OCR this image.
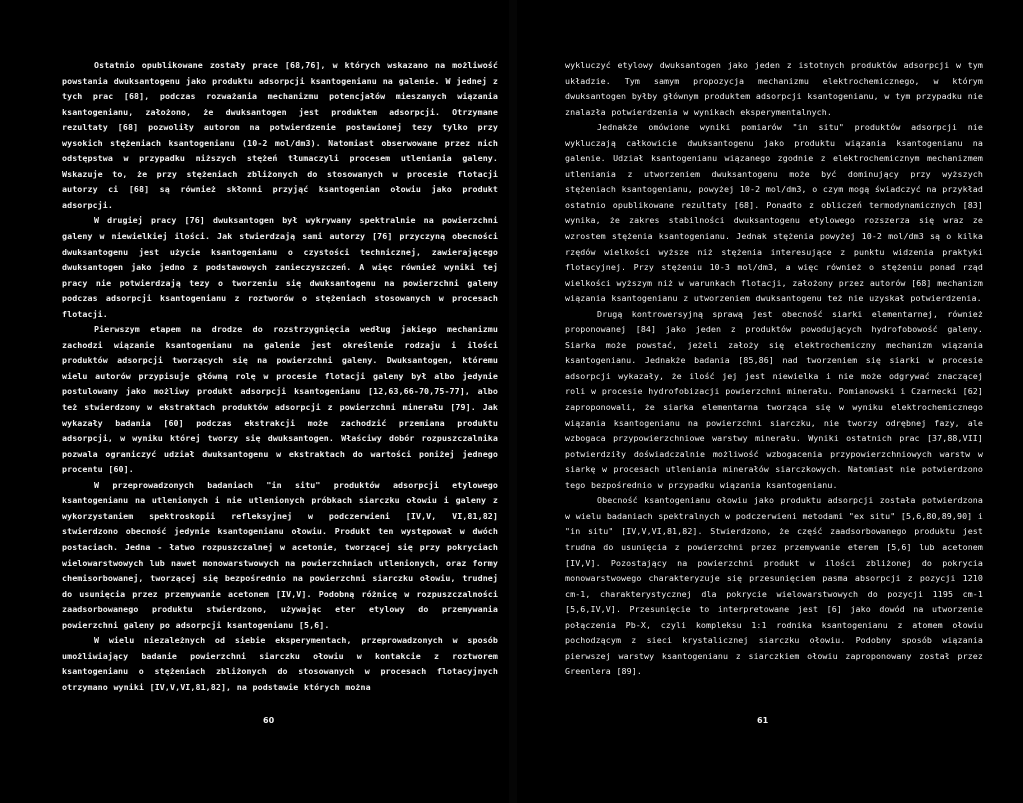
Ostatnio opublikowane zostały prace [68,76], w których wskazano na możliwość powstania dwuksantogenu jako produktu adsorpcji ksantogenianu na galenie. W jednej z tych prac [68], podczas rozważania mechanizmu potencjałów mieszanych wiązania ksantogenianu, założono, że dwuksantogen jest produktem adsorpcji. Otrzymane rezultaty [68] pozwoliły autorom na potwierdzenie postawionej tezy tylko przy wysokich stężeniach ksantogenianu (10-2 mol/dm3). Natomiast obserwowane przez nich odstępstwa w przypadku niższych stężeń tłumaczyli procesem utleniania galeny. Wskazuje to, że przy stężeniach zbliżonych do stosowanych w procesie flotacji autorzy ci [68] są również skłonni przyjąć ksantogenian ołowiu jako produkt adsorpcji.

W drugiej pracy [76] dwuksantogen był wykrywany spektralnie na powierzchni galeny w niewielkiej ilości. Jak stwierdzają sami autorzy [76] przyczyną obecności dwuksantogenu jest użycie ksantogenianu o czystości technicznej, zawierającego dwuksantogen jako jedno z podstawowych zanieczyszczeń. A więc również wyniki tej pracy nie potwierdzają tezy o tworzeniu się dwuksantogenu na powierzchni galeny podczas adsorpcji ksantogenianu z roztworów o stężeniach stosowanych w procesach flotacji.

Pierwszym etapem na drodze do rozstrzygnięcia według jakiego mechanizmu zachodzi wiązanie ksantogenianu na galenie jest określenie rodzaju i ilości produktów adsorpcji tworzących się na powierzchni galeny. Dwuksantogen, któremu wielu autorów przypisuje główną rolę w procesie flotacji galeny był albo jedynie postulowany jako możliwy produkt adsorpcji ksantogenianu [12,63,66-70,75-77], albo też stwierdzony w ekstraktach produktów adsorpcji z powierzchni minerału [79]. Jak wykazały badania [60] podczas ekstrakcji może zachodzić przemiana produktu adsorpcji, w wyniku której tworzy się dwuksantogen. Właściwy dobór rozpuszczalnika pozwala ograniczyć udział dwuksantogenu w ekstraktach do wartości poniżej jednego procentu [60].

W przeprowadzonych badaniach "in situ" produktów adsorpcji etylowego ksantogenianu na utlenionych i nie utlenionych próbkach siarczku ołowiu i galeny z wykorzystaniem spektroskopii refleksyjnej w podczerwieni [IV,V, VI,81,82] stwierdzono obecność jedynie ksantogenianu ołowiu. Produkt ten występował w dwóch postaciach. Jedna - łatwo rozpuszczalnej w acetonie, tworzącej się przy pokryciach wielowarstwowych lub nawet monowarstwowych na powierzchniach utlenionych, oraz formy chemisorbowanej, tworzącej się bezpośrednio na powierzchni siarczku ołowiu, trudnej do usunięcia przez przemywanie acetonem [IV,V]. Podobną różnicę w rozpuszczalności zaadsorbowanego produktu stwierdzono, używając eter etylowy do przemywania powierzchni galeny po adsorpcji ksantogenianu [5,6].

W wielu niezależnych od siebie eksperymentach, przeprowadzonych w sposób umożliwiający badanie powierzchni siarczku ołowiu w kontakcie z roztworem ksantogenianu o stężeniach zbliżonych do stosowanych w procesach flotacyjnych otrzymano wyniki [IV,V,VI,81,82], na podstawie których można

wykluczyć etylowy dwuksantogen jako jeden z istotnych produktów adsorpcji w tym układzie. Tym samym propozycja mechanizmu elektrochemicznego, w którym dwuksantogen byłby głównym produktem adsorpcji ksantogenianu, w tym przypadku nie znalazła potwierdzenia w wynikach eksperymentalnych.

Jednakże omówione wyniki pomiarów "in situ" produktów adsorpcji nie wykluczają całkowicie dwuksantogenu jako produktu wiązania ksantogenianu na galenie. Udział ksantogenianu wiązanego zgodnie z elektrochemicznym mechanizmem utleniania z utworzeniem dwuksantogenu może być dominujący przy wyższych stężeniach ksantogenianu, powyżej 10-2 mol/dm3, o czym mogą świadczyć na przykład ostatnio opublikowane rezultaty [68]. Ponadto z obliczeń termodynamicznych [83] wynika, że zakres stabilności dwuksantogenu etylowego rozszerza się wraz ze wzrostem stężenia ksantogenianu. Jednak stężenia powyżej 10-2 mol/dm3 są o kilka rzędów wielkości wyższe niż stężenia interesujące z punktu widzenia praktyki flotacyjnej. Przy stężeniu 10-3 mol/dm3, a więc również o stężeniu ponad rząd wielkości wyższym niż w warunkach flotacji, założony przez autorów [68] mechanizm wiązania ksantogenianu z utworzeniem dwuksantogenu też nie uzyskał potwierdzenia.

Drugą kontrowersyjną sprawą jest obecność siarki elementarnej, również proponowanej [84] jako jeden z produktów powodujących hydrofobowość galeny. Siarka może powstać, jeżeli założy się elektrochemiczny mechanizm wiązania ksantogenianu. Jednakże badania [85,86] nad tworzeniem się siarki w procesie adsorpcji wykazały, że ilość jej jest niewielka i nie może odgrywać znaczącej roli w procesie hydrofobizacji powierzchni minerału. Pomianowski i Czarnecki [62] zaproponowali, że siarka elementarna tworząca się w wyniku elektrochemicznego wiązania ksantogenianu na powierzchni siarczku, nie tworzy odrębnej fazy, ale wzbogaca przypowierzchniowe warstwy minerału. Wyniki ostatnich prac [37,88,VII] potwierdziły doświadczalnie możliwość wzbogacenia przypowierzchniowych warstw w siarkę w procesach utleniania minerałów siarczkowych. Natomiast nie potwierdzono tego bezpośrednio w przypadku wiązania ksantogenianu.

Obecność ksantogenianu ołowiu jako produktu adsorpcji została potwierdzona w wielu badaniach spektralnych w podczerwieni metodami "ex situ" [5,6,80,89,90] i "in situ" [IV,V,VI,81,82]. Stwierdzono, że część zaadsorbowanego produktu jest trudna do usunięcia z powierzchni przez przemywanie eterem [5,6] lub acetonem [IV,V]. Pozostający na powierzchni produkt w ilości zbliżonej do pokrycia monowarstwowego charakteryzuje się przesunięciem pasma absorpcji z pozycji 1210 cm-1, charakterystycznej dla pokrycie wielowarstwowych do pozycji 1195 cm-1 [5,6,IV,V]. Przesunięcie to interpretowane jest [6] jako dowód na utworzenie połączenia Pb-X, czyli kompleksu 1:1 rodnika ksantogenianu z atomem ołowiu pochodzącym z sieci krystalicznej siarczku ołowiu. Podobny sposób wiązania pierwszej warstwy ksantogenianu z siarczkiem ołowiu zaproponowany został przez Greenlera [89].

60	61
